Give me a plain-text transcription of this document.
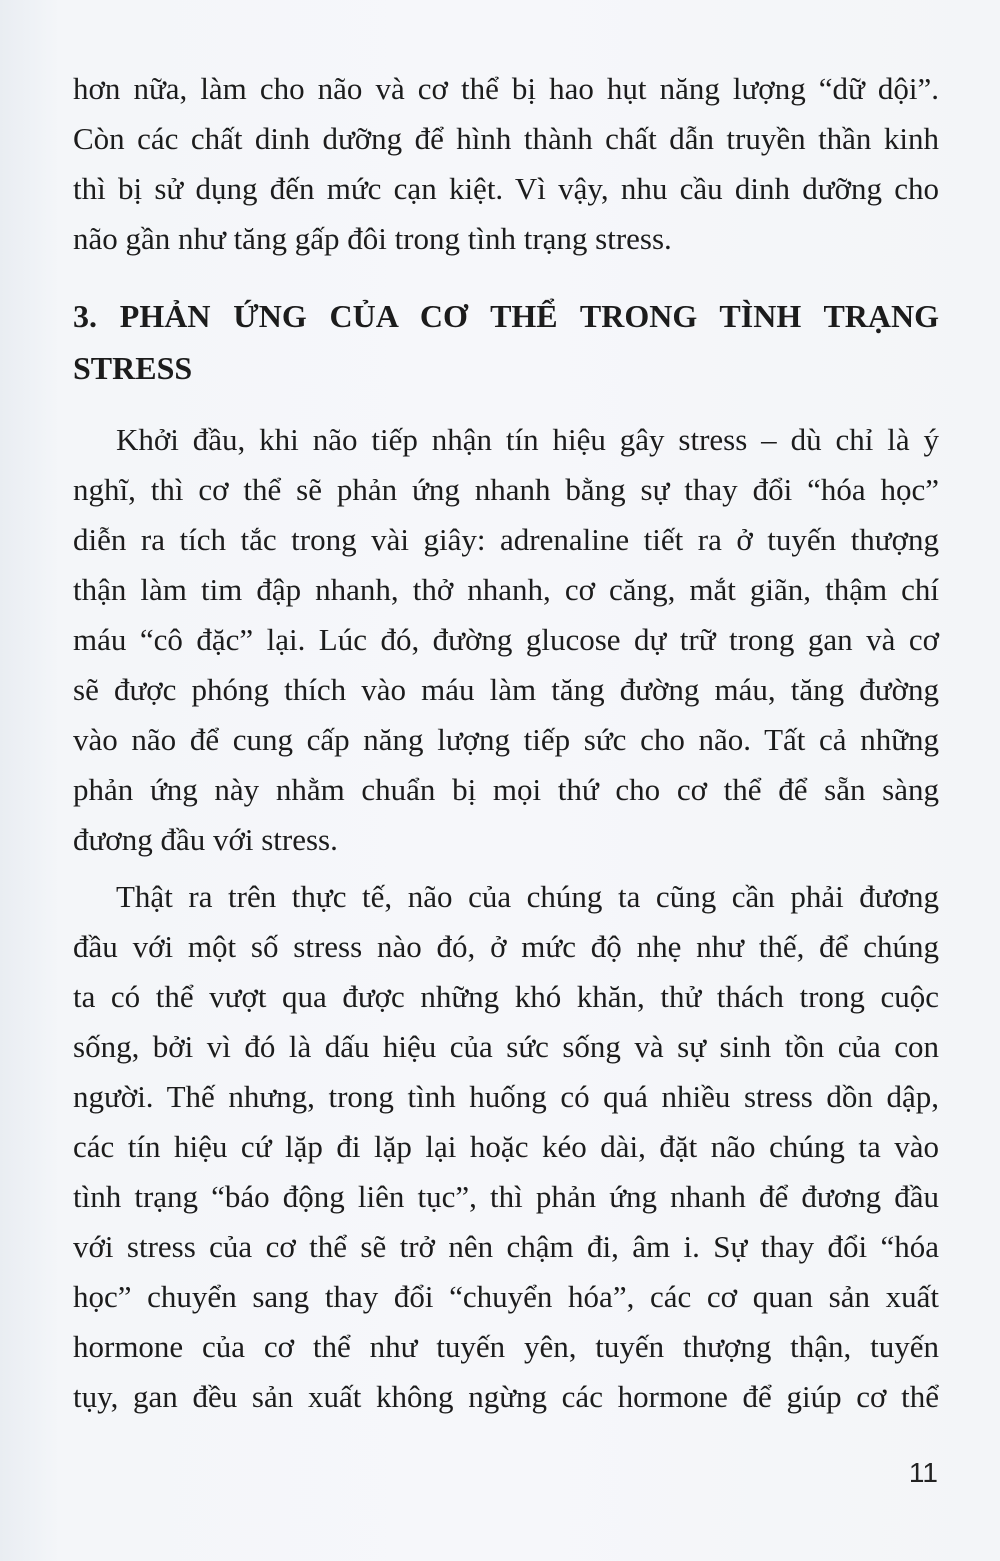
hơn nữa, làm cho não và cơ thể bị hao hụt năng lượng “dữ dội”.
Còn các chất dinh dưỡng để hình thành chất dẫn truyền thần kinh
thì bị sử dụng đến mức cạn kiệt. Vì vậy, nhu cầu dinh dưỡng cho
não gần như tăng gấp đôi trong tình trạng stress.
3. PHẢN ỨNG CỦA CƠ THỂ TRONG TÌNH TRẠNG
STRESS
Khởi đầu, khi não tiếp nhận tín hiệu gây stress – dù chỉ là ý
nghĩ, thì cơ thể sẽ phản ứng nhanh bằng sự thay đổi “hóa học”
diễn ra tích tắc trong vài giây: adrenaline tiết ra ở tuyến thượng
thận làm tim đập nhanh, thở nhanh, cơ căng, mắt giãn, thậm chí
máu “cô đặc” lại. Lúc đó, đường glucose dự trữ trong gan và cơ
sẽ được phóng thích vào máu làm tăng đường máu, tăng đường
vào não để cung cấp năng lượng tiếp sức cho não. Tất cả những
phản ứng này nhằm chuẩn bị mọi thứ cho cơ thể để sẵn sàng
đương đầu với stress.
Thật ra trên thực tế, não của chúng ta cũng cần phải đương
đầu với một số stress nào đó, ở mức độ nhẹ như thế, để chúng
ta có thể vượt qua được những khó khăn, thử thách trong cuộc
sống, bởi vì đó là dấu hiệu của sức sống và sự sinh tồn của con
người. Thế nhưng, trong tình huống có quá nhiều stress dồn dập,
các tín hiệu cứ lặp đi lặp lại hoặc kéo dài, đặt não chúng ta vào
tình trạng “báo động liên tục”, thì phản ứng nhanh để đương đầu
với stress của cơ thể sẽ trở nên chậm đi, âm i. Sự thay đổi “hóa
học” chuyển sang thay đổi “chuyển hóa”, các cơ quan sản xuất
hormone của cơ thể như tuyến yên, tuyến thượng thận, tuyến
tụy, gan đều sản xuất không ngừng các hormone để giúp cơ thể
11
